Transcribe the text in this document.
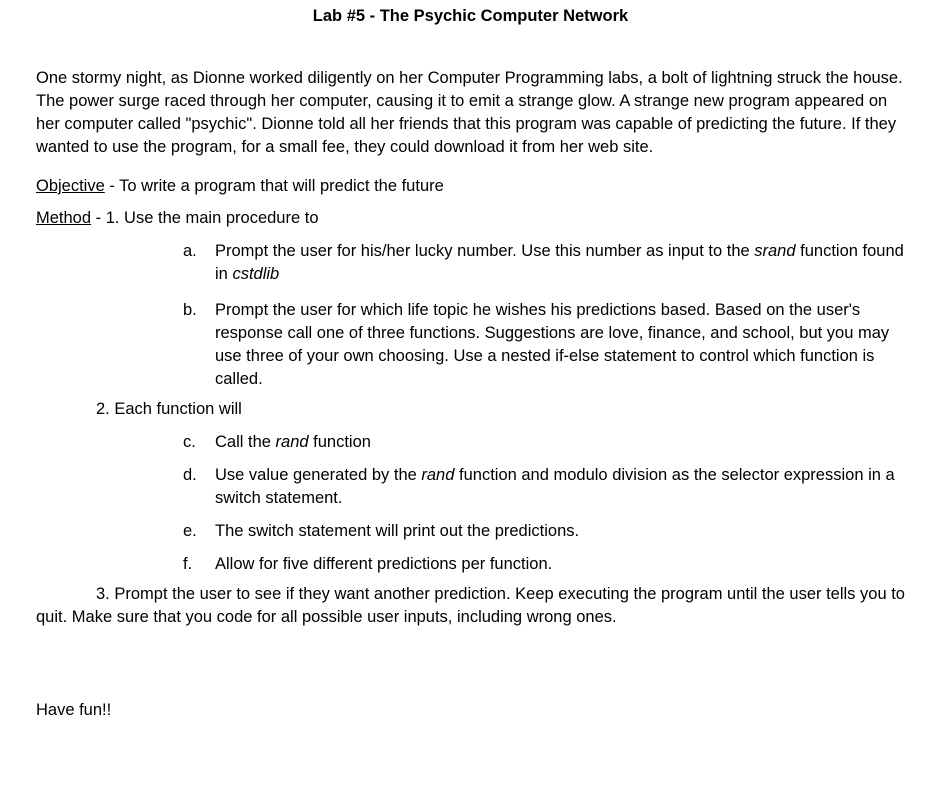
Lab #5 - The Psychic Computer Network

One stormy night, as Dionne worked diligently on her Computer Programming labs, a bolt of lightning struck the house. The power surge raced through her computer, causing it to emit a strange glow. A strange new program appeared on her computer called "psychic". Dionne told all her friends that this program was capable of predicting the future. If they wanted to use the program, for a small fee, they could download it from her web site.

Objective - To write a program that will predict the future

Method - 1. Use the main procedure to

a.	Prompt the user for his/her lucky number. Use this number as input to the srand function found in cstdlib
b.	Prompt the user for which life topic he wishes his predictions based. Based on the user's response call one of three functions. Suggestions are love, finance, and school, but you may use three of your own choosing. Use a nested if-else statement to control which function is called.

2. Each function will

c.	Call the rand function
d.	Use value generated by the rand function and modulo division as the selector expression in a switch statement.
e.	The switch statement will print out the predictions.
f.	Allow for five different predictions per function.

3. Prompt the user to see if they want another prediction. Keep executing the program until the user tells you to quit. Make sure that you code for all possible user inputs, including wrong ones.

Have fun!!
